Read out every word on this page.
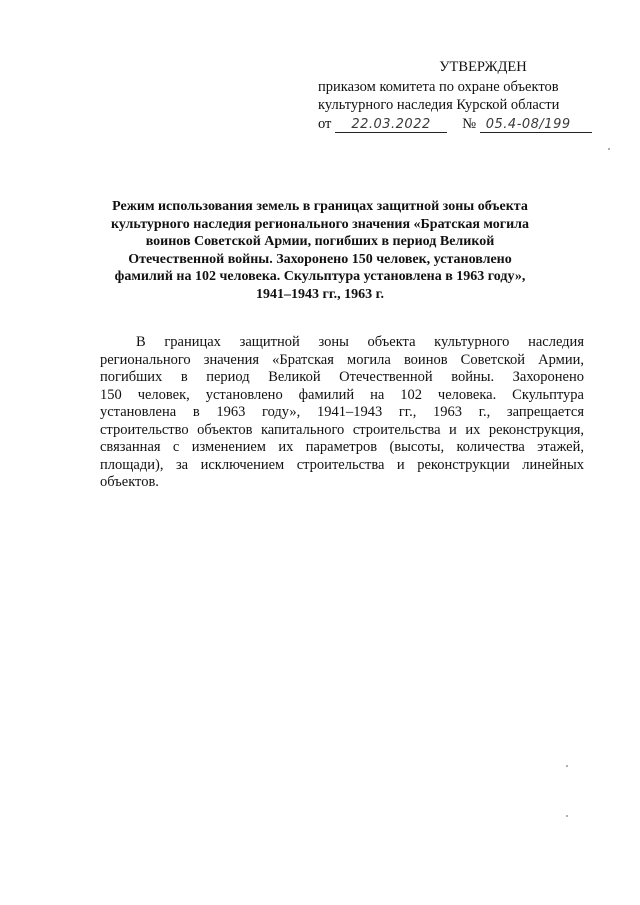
УТВЕРЖДЕН
приказом комитета по охране объектов
культурного наследия Курской области
от 22.03.2022 № 05.4-08/199
Режим использования земель в границах защитной зоны объекта
культурного наследия регионального значения «Братская могила
воинов Советской Армии, погибших в период Великой
Отечественной войны. Захоронено 150 человек, установлено
фамилий на 102 человека. Скульптура установлена в 1963 году»,
1941–1943 гг., 1963 г.
В границах защитной зоны объекта культурного наследия
регионального значения «Братская могила воинов Советской Армии,
погибших в период Великой Отечественной войны. Захоронено
150 человек, установлено фамилий на 102 человека. Скульптура
установлена в 1963 году», 1941–1943 гг., 1963 г., запрещается
строительство объектов капитального строительства и их реконструкция,
связанная с изменением их параметров (высоты, количества этажей,
площади), за исключением строительства и реконструкции линейных
объектов.
